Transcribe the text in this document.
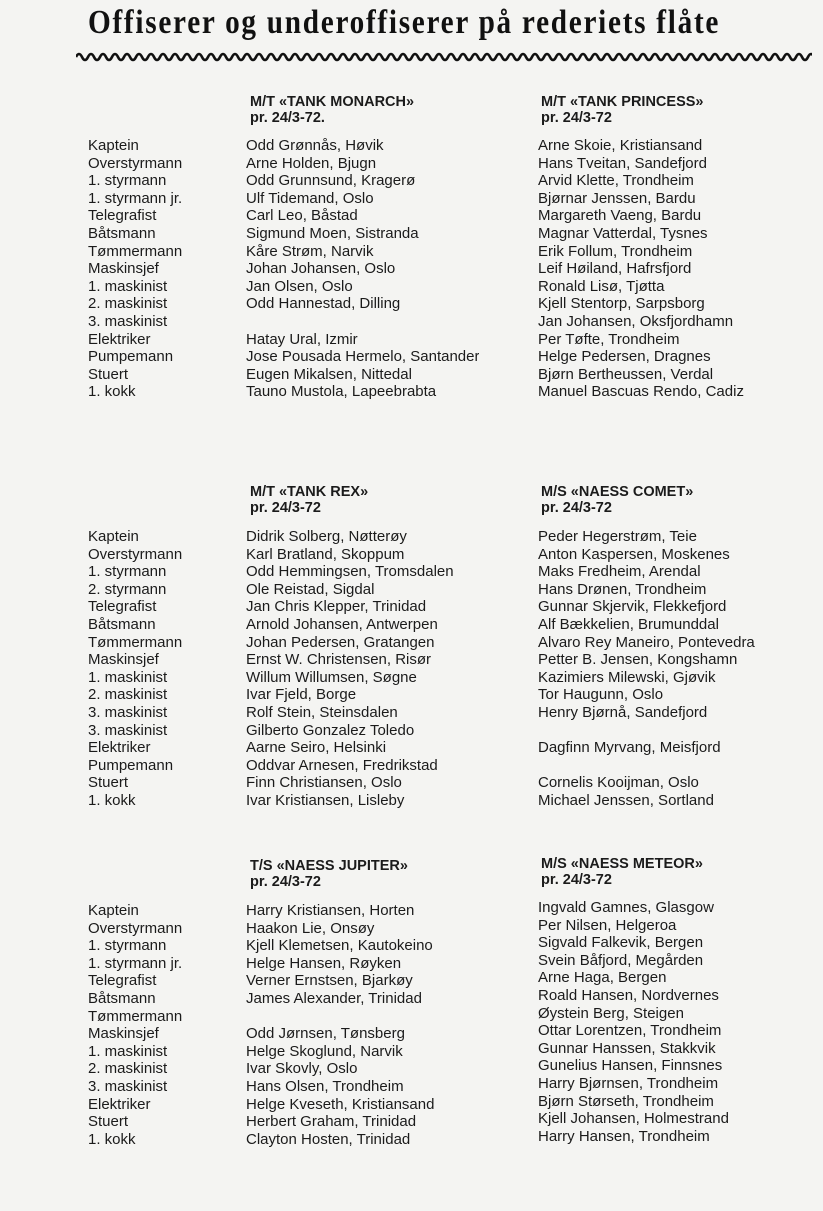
Offiserer og underoffiserer på rederiets flåte
M/T «TANK MONARCH»
pr. 24/3-72.
M/T «TANK PRINCESS»
pr. 24/3-72
Kaptein
Overstyrmann
1. styrmann
1. styrmann jr.
Telegrafist
Båtsmann
Tømmermann
Maskinsjef
1. maskinist
2. maskinist
3. maskinist
Elektriker
Pumpemann
Stuert
1. kokk
Odd Grønnås, Høvik
Arne Holden, Bjugn
Odd Grunnsund, Kragerø
Ulf Tidemand, Oslo
Carl Leo, Båstad
Sigmund Moen, Sistranda
Kåre Strøm, Narvik
Johan Johansen, Oslo
Jan Olsen, Oslo
Odd Hannestad, Dilling
Hatay Ural, Izmir
Jose Pousada Hermelo, Santander
Eugen Mikalsen, Nittedal
Tauno Mustola, Lapeebrabta
Arne Skoie, Kristiansand
Hans Tveitan, Sandefjord
Arvid Klette, Trondheim
Bjørnar Jenssen, Bardu
Margareth Vaeng, Bardu
Magnar Vatterdal, Tysnes
Erik Follum, Trondheim
Leif Høiland, Hafrsfjord
Ronald Lisø, Tjøtta
Kjell Stentorp, Sarpsborg
Jan Johansen, Oksfjordhamn
Per Tøfte, Trondheim
Helge Pedersen, Dragnes
Bjørn Bertheussen, Verdal
Manuel Bascuas Rendo, Cadiz
M/T «TANK REX»
pr. 24/3-72
M/S «NAESS COMET»
pr. 24/3-72
Kaptein
Overstyrmann
1. styrmann
2. styrmann
Telegrafist
Båtsmann
Tømmermann
Maskinsjef
1. maskinist
2. maskinist
3. maskinist
3. maskinist
Elektriker
Pumpemann
Stuert
1. kokk
Didrik Solberg, Nøtterøy
Karl Bratland, Skoppum
Odd Hemmingsen, Tromsdalen
Ole Reistad, Sigdal
Jan Chris Klepper, Trinidad
Arnold Johansen, Antwerpen
Johan Pedersen, Gratangen
Ernst W. Christensen, Risør
Willum Willumsen, Søgne
Ivar Fjeld, Borge
Rolf Stein, Steinsdalen
Gilberto Gonzalez Toledo
Aarne Seiro, Helsinki
Oddvar Arnesen, Fredrikstad
Finn Christiansen, Oslo
Ivar Kristiansen, Lisleby
Peder Hegerstrøm, Teie
Anton Kaspersen, Moskenes
Maks Fredheim, Arendal
Hans Drønen, Trondheim
Gunnar Skjervik, Flekkefjord
Alf Bækkelien, Brumunddal
Alvaro Rey Maneiro, Pontevedra
Petter B. Jensen, Kongshamn
Kazimiers Milewski, Gjøvik
Tor Haugunn, Oslo
Henry Bjørnå, Sandefjord
Dagfinn Myrvang, Meisfjord
Cornelis Kooijman, Oslo
Michael Jenssen, Sortland
T/S «NAESS JUPITER»
pr. 24/3-72
M/S «NAESS METEOR»
pr. 24/3-72
Kaptein
Overstyrmann
1. styrmann
1. styrmann jr.
Telegrafist
Båtsmann
Tømmermann
Maskinsjef
1. maskinist
2. maskinist
3. maskinist
Elektriker
Stuert
1. kokk
Harry Kristiansen, Horten
Haakon Lie, Onsøy
Kjell Klemetsen, Kautokeino
Helge Hansen, Røyken
Verner Ernstsen, Bjarkøy
James Alexander, Trinidad
Odd Jørnsen, Tønsberg
Helge Skoglund, Narvik
Ivar Skovly, Oslo
Hans Olsen, Trondheim
Helge Kveseth, Kristiansand
Herbert Graham, Trinidad
Clayton Hosten, Trinidad
Ingvald Gamnes, Glasgow
Per Nilsen, Helgeroa
Sigvald Falkevik, Bergen
Svein Båfjord, Megården
Arne Haga, Bergen
Roald Hansen, Nordvernes
Øystein Berg, Steigen
Ottar Lorentzen, Trondheim
Gunnar Hanssen, Stakkvik
Gunelius Hansen, Finnsnes
Harry Bjørnsen, Trondheim
Bjørn Størseth, Trondheim
Kjell Johansen, Holmestrand
Harry Hansen, Trondheim
